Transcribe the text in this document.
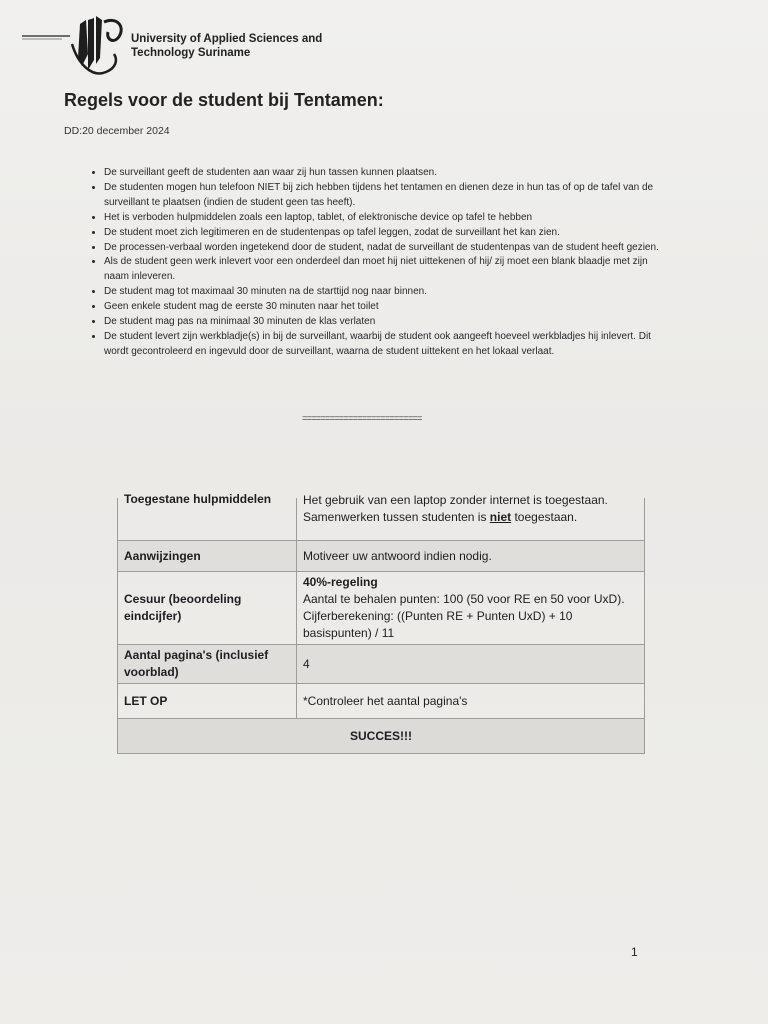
University of Applied Sciences and
Technology Suriname
Regels voor de student bij Tentamen:
DD:20 december 2024
• De surveillant geeft de studenten aan waar zij hun tassen kunnen plaatsen.
• De studenten mogen hun telefoon NIET bij zich hebben tijdens het tentamen en dienen deze in hun tas of op de tafel van de surveillant te plaatsen (indien de student geen tas heeft).
• Het is verboden hulpmiddelen zoals een laptop, tablet, of elektronische device op tafel te hebben
• De student moet zich legitimeren en de studentenpas op tafel leggen, zodat de surveillant het kan zien.
• De processen-verbaal worden ingetekend door de student, nadat de surveillant de studentenpas van de student heeft gezien.
• Als de student geen werk inlevert voor een onderdeel dan moet hij niet uittekenen of hij/ zij moet een blank blaadje met zijn naam inleveren.
• De student mag tot maximaal 30 minuten na de starttijd nog naar binnen.
• Geen enkele student mag de eerste 30 minuten naar het toilet
• De student mag pas na minimaal 30 minuten de klas verlaten
• De student levert zijn werkbladje(s) in bij de surveillant, waarbij de student ook aangeeft hoeveel werkbladjes hij inlevert. Dit wordt gecontroleerd en ingevuld door de surveillant, waarna de student uittekent en het lokaal verlaat.
==========================
Toegestane hulpmiddelen	Het gebruik van een laptop zonder internet is toegestaan.
Samenwerken tussen studenten is niet toegestaan.
Aanwijzingen	Motiveer uw antwoord indien nodig.
Cesuur (beoordeling eindcijfer)	40%-regeling
Aantal te behalen punten: 100 (50 voor RE en 50 voor UxD). Cijferberekening: ((Punten RE + Punten UxD) + 10 basispunten) / 11

Aantal pagina's (inclusief voorblad)	4
LET OP	*Controleer het aantal pagina's
SUCCES!!!	
1
